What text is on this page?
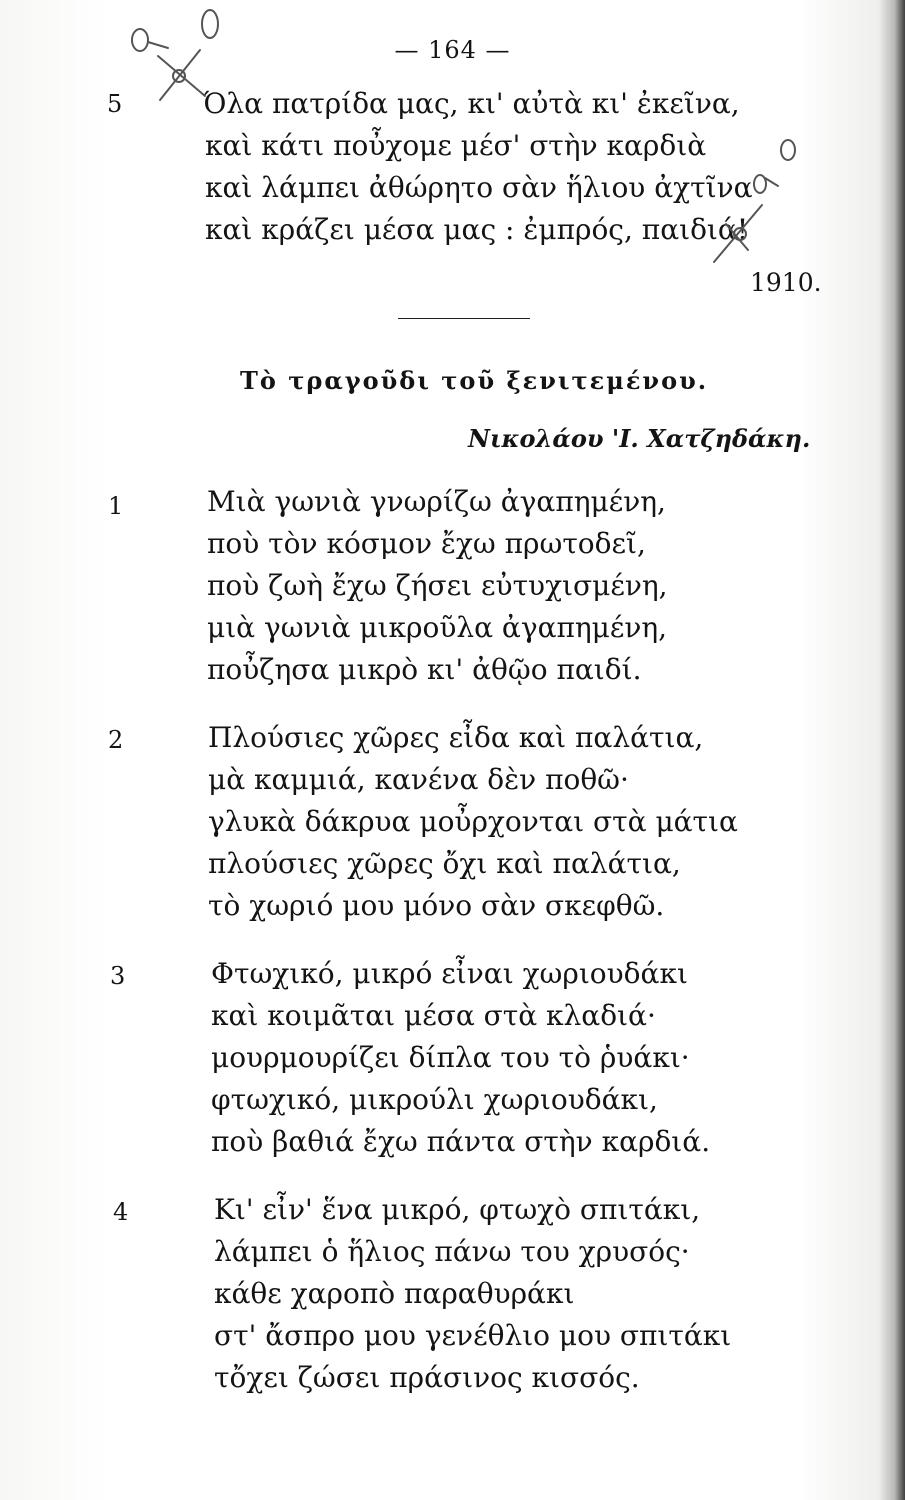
— 164 —
5	Όλα πατρίδα μας, κι' αὐτὰ κι' ἐκεῖνα,
καὶ κάτι ποὖχομε μέσ' στὴν καρδιὰ
καὶ λάμπει ἀθώρητο σὰν ἥλιου ἀχτῖνα
καὶ κράζει μέσα μας : ἐμπρός, παιδιά!
1910.
Τὸ τραγοῦδι τοῦ ξενιτεμένου.
Νικολάου 'Ι. Χατζηδάκη.
1	Μιὰ γωνιὰ γνωρίζω ἀγαπημένη,
ποὺ τὸν κόσμον ἔχω πρωτοδεῖ,
ποὺ ζωὴ ἔχω ζήσει εὐτυχισμένη,
μιὰ γωνιὰ μικροῦλα ἀγαπημένη,
ποὖζησα μικρὸ κι' ἀθῷο παιδί.
2	Πλούσιες χῶρες εἶδα καὶ παλάτια,
μὰ καμμιά, κανένα δὲν ποθῶ·
γλυκὰ δάκρυα μοὖρχονται στὰ μάτια
πλούσιες χῶρες ὄχι καὶ παλάτια,
τὸ χωριό μου μόνο σὰν σκεφθῶ.
3	Φτωχικό, μικρό εἶναι χωριουδάκι
καὶ κοιμᾶται μέσα στὰ κλαδιά·
μουρμουρίζει δίπλα του τὸ ῥυάκι·
φτωχικό, μικρούλι χωριουδάκι,
ποὺ βαθιά ἔχω πάντα στὴν καρδιά.
4	Κι' εἶν' ἕνα μικρό, φτωχὸ σπιτάκι,
λάμπει ὁ ἥλιος πάνω του χρυσός·
κάθε χαροπὸ παραθυράκι
στ' ἄσπρο μου γενέθλιο μου σπιτάκι
τὄχει ζώσει πράσινος κισσός.
